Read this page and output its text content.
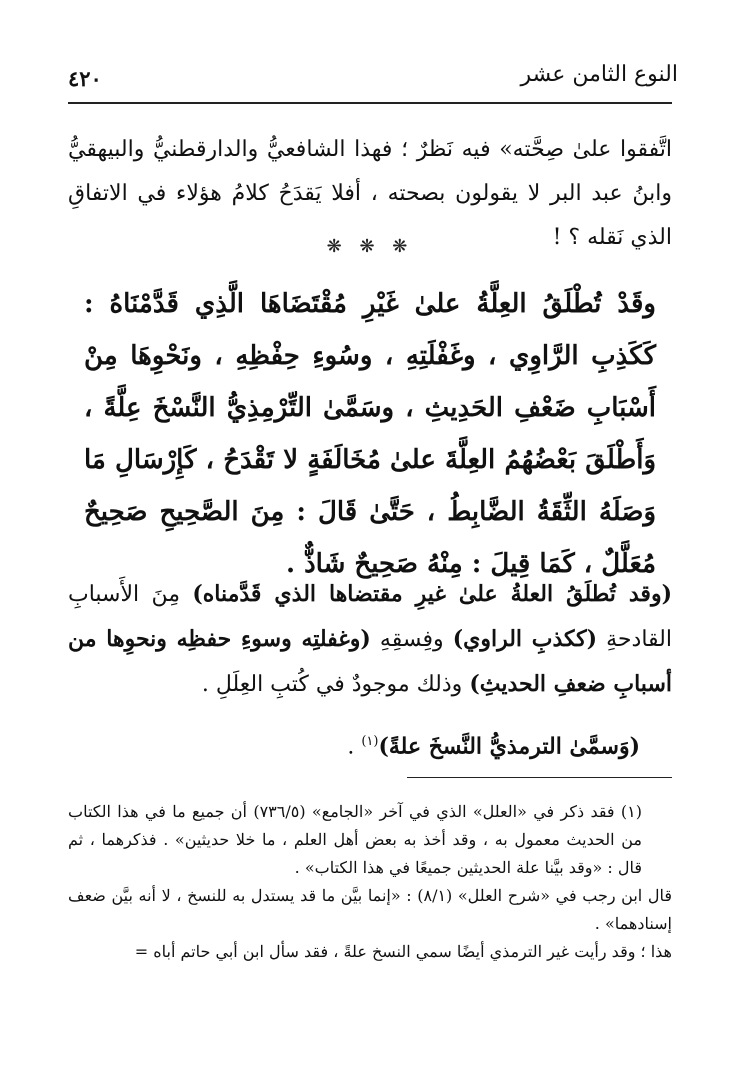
النوع الثامن عشر
٤٢٠

اتَّفقوا علىٰ صِحَّته» فيه نَظرٌ ؛ فهذا الشافعيُّ والدارقطنيُّ والبيهقيُّ وابنُ عبد البر لا يقولون بصحته ، أفلا يَقدَحُ كلامُ هؤلاء في الاتفاقِ الذي نَقله ؟ !

❋ ❋ ❋

وقَدْ تُطْلَقُ العِلَّةُ علىٰ غَيْرِ مُقْتَضَاهَا الَّذِي قَدَّمْنَاهُ : كَكَذِبِ الرَّاوِي ، وغَفْلَتِهِ ، وسُوءِ حِفْظِهِ ، ونَحْوِهَا مِنْ أَسْبَابِ ضَعْفِ الحَدِيثِ ، وسَمَّىٰ التِّرْمِذِيُّ النَّسْخَ عِلَّةً ، وَأَطْلَقَ بَعْضُهُمُ العِلَّةَ علىٰ مُخَالَفَةٍ لا تَقْدَحُ ، كَإِرْسَالِ مَا وَصَلَهُ الثِّقَةُ الضَّابِطُ ، حَتَّىٰ قَالَ : مِنَ الصَّحِيحِ صَحِيحٌ مُعَلَّلٌ ، كَمَا قِيلَ : مِنْهُ صَحِيحٌ شَاذٌّ .

(وقد تُطلَقُ العلةُ علىٰ غيرِ مقتضاها الذي قَدَّمناه) مِنَ الأَسبابِ القادحةِ (ككذبِ الراوي) وفِسقِهِ (وغفلتِه وسوءِ حفظِه ونحوِها من أسبابِ ضعفِ الحديثِ) وذلك موجودٌ في كُتبِ العِلَلِ .

(وَسمَّىٰ الترمذيُّ النَّسخَ علةً)$^{(١)}$ .

(١) فقد ذكر في «العلل» الذي في آخر «الجامع» (٧٣٦/٥) أن جميع ما في هذا الكتاب من الحديث معمول به ، وقد أخذ به بعض أهل العلم ، ما خلا حديثين» . فذكرهما ، ثم قال : «وقد بيَّنا علة الحديثين جميعًا في هذا الكتاب» .

قال ابن رجب في «شرح العلل» (٨/١) : «إنما بيَّن ما قد يستدل به للنسخ ، لا أنه بيَّن ضعف إسنادهما» .

هذا ؛ وقد رأيت غير الترمذي أيضًا سمي النسخ علةً ، فقد سأل ابن أبي حاتم أباه =
